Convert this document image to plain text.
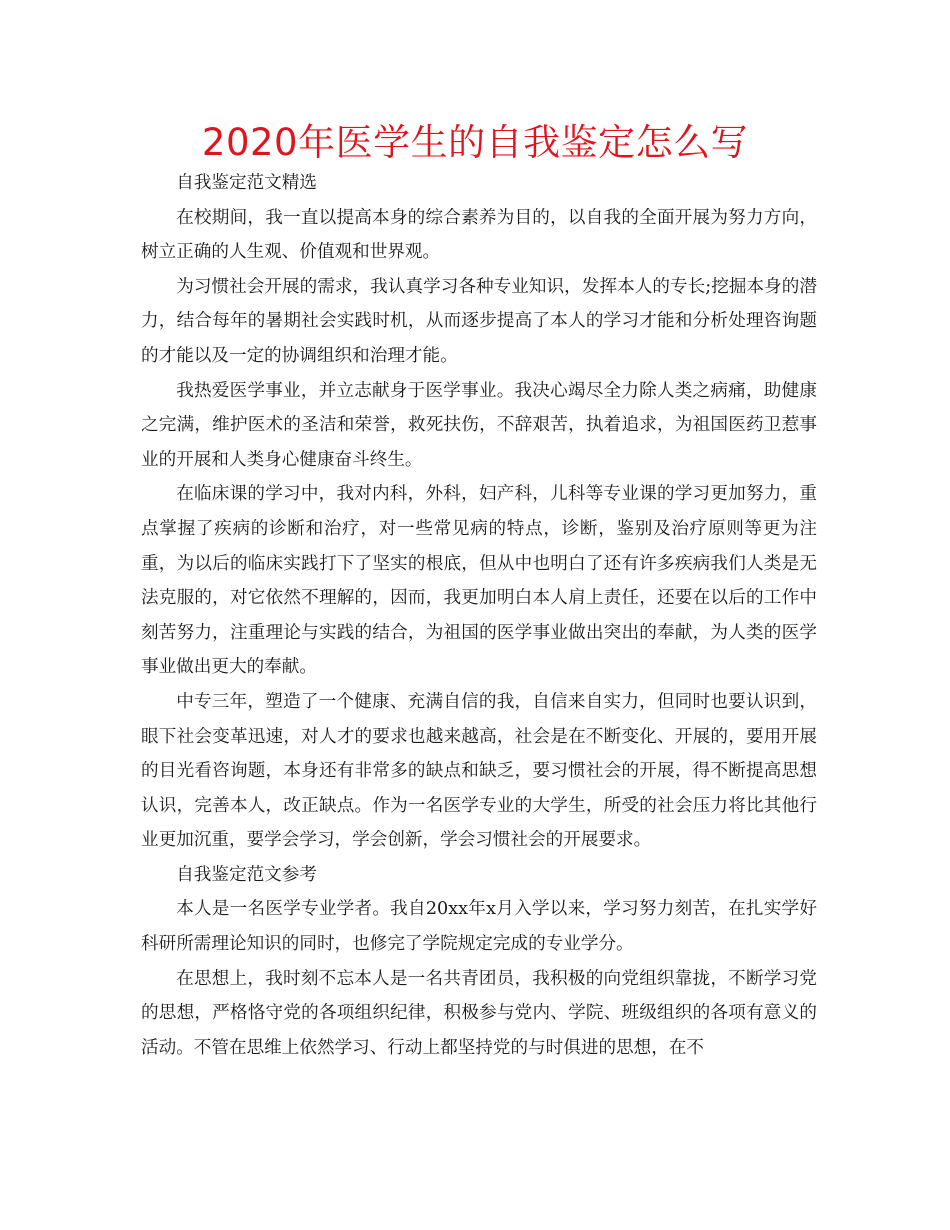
2020年医学生的自我鉴定怎么写

自我鉴定范文精选

在校期间，我一直以提高本身的综合素养为目的，以自我的全面开展为努力方向，树立正确的人生观、价值观和世界观。

为习惯社会开展的需求，我认真学习各种专业知识，发挥本人的专长;挖掘本身的潜力，结合每年的暑期社会实践时机，从而逐步提高了本人的学习才能和分析处理咨询题的才能以及一定的协调组织和治理才能。

我热爱医学事业，并立志献身于医学事业。我决心竭尽全力除人类之病痛，助健康之完满，维护医术的圣洁和荣誉，救死扶伤，不辞艰苦，执着追求，为祖国医药卫惹事业的开展和人类身心健康奋斗终生。

在临床课的学习中，我对内科，外科，妇产科，儿科等专业课的学习更加努力，重点掌握了疾病的诊断和治疗，对一些常见病的特点，诊断，鉴别及治疗原则等更为注重，为以后的临床实践打下了坚实的根底，但从中也明白了还有许多疾病我们人类是无法克服的，对它依然不理解的，因而，我更加明白本人肩上责任，还要在以后的工作中刻苦努力，注重理论与实践的结合，为祖国的医学事业做出突出的奉献，为人类的医学事业做出更大的奉献。

中专三年，塑造了一个健康、充满自信的我，自信来自实力，但同时也要认识到，眼下社会变革迅速，对人才的要求也越来越高，社会是在不断变化、开展的，要用开展的目光看咨询题，本身还有非常多的缺点和缺乏，要习惯社会的开展，得不断提高思想认识，完善本人，改正缺点。作为一名医学专业的大学生，所受的社会压力将比其他行业更加沉重，要学会学习，学会创新，学会习惯社会的开展要求。

自我鉴定范文参考

本人是一名医学专业学者。我自20xx年x月入学以来，学习努力刻苦，在扎实学好科研所需理论知识的同时，也修完了学院规定完成的专业学分。

在思想上，我时刻不忘本人是一名共青团员，我积极的向党组织靠拢，不断学习党的思想，严格恪守党的各项组织纪律，积极参与党内、学院、班级组织的各项有意义的活动。不管在思维上依然学习、行动上都坚持党的与时俱进的思想，在不
